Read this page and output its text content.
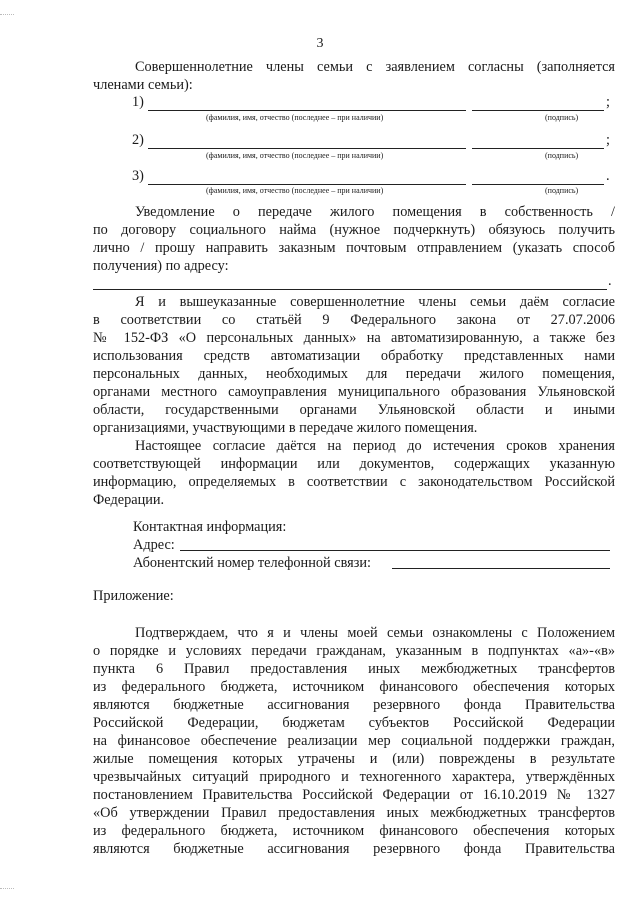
3
Совершеннолетние члены семьи с заявлением согласны (заполняется
членами семьи):
1)	;
(фамилия, имя, отчество (последнее – при наличии)	(подпись)
2)	;
(фамилия, имя, отчество (последнее – при наличии)	(подпись)
3)	.
(фамилия, имя, отчество (последнее – при наличии)	(подпись)
Уведомление о передаче жилого помещения в собственность /
по договору социального найма (нужное подчеркнуть) обязуюсь получить
лично / прошу направить заказным почтовым отправлением (указать способ
получения) по адресу:
.
Я и вышеуказанные совершеннолетние члены семьи даём согласие
в соответствии со статьёй 9 Федерального закона от 27.07.2006
№ 152-ФЗ «О персональных данных» на автоматизированную, а также без
использования средств автоматизации обработку представленных нами
персональных данных, необходимых для передачи жилого помещения,
органами местного самоуправления муниципального образования Ульяновской
области, государственными органами Ульяновской области и иными
организациями, участвующими в передаче жилого помещения.
Настоящее согласие даётся на период до истечения сроков хранения
соответствующей информации или документов, содержащих указанную
информацию, определяемых в соответствии с законодательством Российской
Федерации.
Контактная информация:
Адрес:
Абонентский номер телефонной связи:
Приложение:
Подтверждаем, что я и члены моей семьи ознакомлены с Положением
о порядке и условиях передачи гражданам, указанным в подпунктах «а»-«в»
пункта 6 Правил предоставления иных межбюджетных трансфертов
из федерального бюджета, источником финансового обеспечения которых
являются бюджетные ассигнования резервного фонда Правительства
Российской Федерации, бюджетам субъектов Российской Федерации
на финансовое обеспечение реализации мер социальной поддержки граждан,
жилые помещения которых утрачены и (или) повреждены в результате
чрезвычайных ситуаций природного и техногенного характера, утверждённых
постановлением Правительства Российской Федерации от 16.10.2019 № 1327
«Об утверждении Правил предоставления иных межбюджетных трансфертов
из федерального бюджета, источником финансового обеспечения которых
являются бюджетные ассигнования резервного фонда Правительства
